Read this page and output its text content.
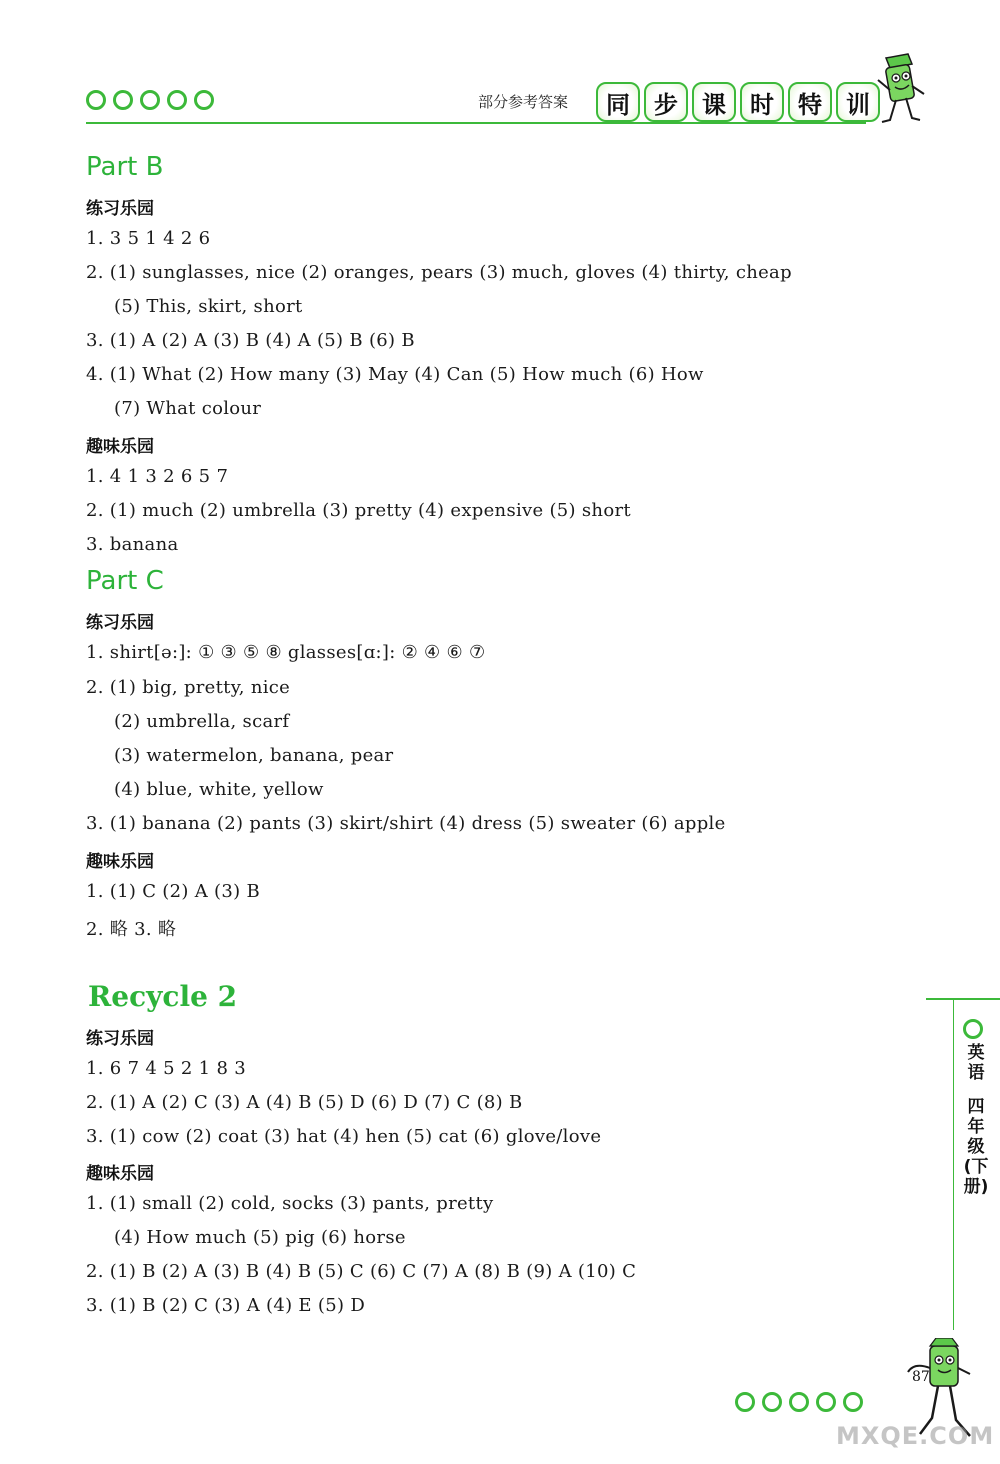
部分参考答案	同	步	课	时	特	训
Part B
练习乐园
1. 3 5 1 4 2 6
2. (1) sunglasses, nice (2) oranges, pears (3) much, gloves (4) thirty, cheap
(5) This, skirt, short
3. (1) A (2) A (3) B (4) A (5) B (6) B
4. (1) What (2) How many (3) May (4) Can (5) How much (6) How
(7) What colour
趣味乐园
1. 4 1 3 2 6 5 7
2. (1) much (2) umbrella (3) pretty (4) expensive (5) short
3. banana
Part C
练习乐园
1. shirt[ə:]: ① ③ ⑤ ⑧ glasses[ɑ:]: ② ④ ⑥ ⑦
2. (1) big, pretty, nice
(2) umbrella, scarf
(3) watermelon, banana, pear
(4) blue, white, yellow
3. (1) banana (2) pants (3) skirt/shirt (4) dress (5) sweater (6) apple
趣味乐园
1. (1) C (2) A (3) B
2. 略 3. 略
Recycle 2
练习乐园
1. 6 7 4 5 2 1 8 3
2. (1) A (2) C (3) A (4) B (5) D (6) D (7) C (8) B
3. (1) cow (2) coat (3) hat (4) hen (5) cat (6) glove/love
趣味乐园
1. (1) small (2) cold, socks (3) pants, pretty
(4) How much (5) pig (6) horse
2. (1) B (2) A (3) B (4) B (5) C (6) C (7) A (8) B (9) A (10) C
3. (1) B (2) C (3) A (4) E (5) D
英语
四年级(下册)
87
MXQE.COM
